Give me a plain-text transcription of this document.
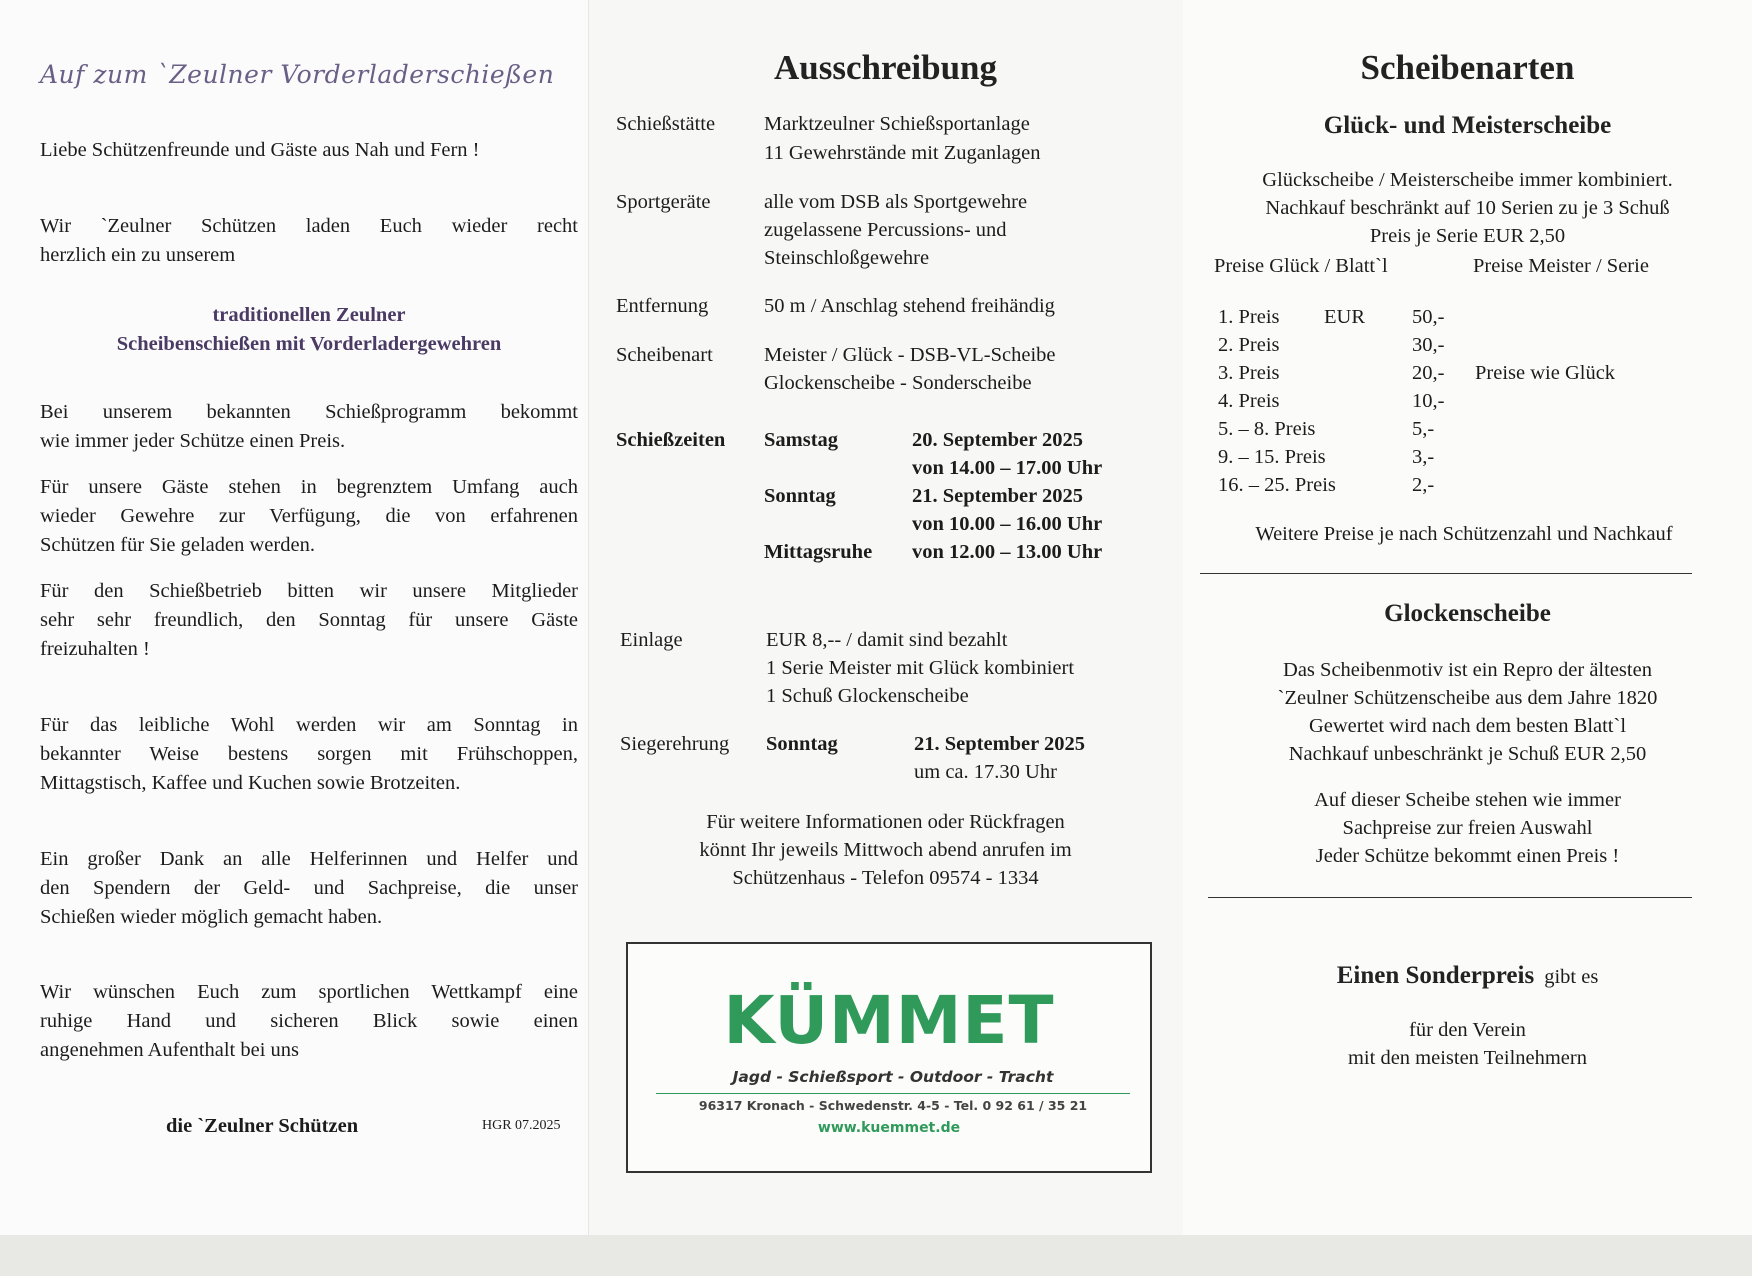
Auf zum `Zeulner Vorderladerschießen
Liebe Schützenfreunde und Gäste aus Nah und Fern !
Wir `Zeulner Schützen laden Euch wieder recht
herzlich ein zu unserem
traditionellen Zeulner
Scheibenschießen mit Vorderladergewehren
Bei unserem bekannten Schießprogramm bekommt
wie immer jeder Schütze einen Preis.
Für unsere Gäste stehen in begrenztem Umfang auch
wieder Gewehre zur Verfügung, die von erfahrenen
Schützen für Sie geladen werden.
Für den Schießbetrieb bitten wir unsere Mitglieder
sehr sehr freundlich, den Sonntag für unsere Gäste
freizuhalten !
Für das leibliche Wohl werden wir am Sonntag in
bekannter Weise bestens sorgen mit Frühschoppen,
Mittagstisch, Kaffee und Kuchen sowie Brotzeiten.
Ein großer Dank an alle Helferinnen und Helfer und
den Spendern der Geld- und Sachpreise, die unser
Schießen wieder möglich gemacht haben.
Wir wünschen Euch zum sportlichen Wettkampf eine
ruhige Hand und sicheren Blick sowie einen
angenehmen Aufenthalt bei uns
die `Zeulner Schützen	HGR 07.2025
Ausschreibung
Schießstätte Marktzeulner Schießsportanlage
11 Gewehrstände mit Zuganlagen
Sportgeräte	alle vom DSB als Sportgewehre
zugelassene Percussions- und
Steinschloßgewehre
Entfernung	50 m / Anschlag stehend freihändig
Scheibenart Meister / Glück - DSB-VL-Scheibe
Glockenscheibe - Sonderscheibe
Schießzeiten Samstag	20. September 2025
von 14.00 – 17.00 Uhr
Sonntag	21. September 2025
von 10.00 – 16.00 Uhr
Mittagsruhe von 12.00 – 13.00 Uhr
Einlage	EUR 8,-- / damit sind bezahlt
1 Serie Meister mit Glück kombiniert
1 Schuß Glockenscheibe
Siegerehrung Sonntag	21. September 2025
um ca. 17.30 Uhr
Für weitere Informationen oder Rückfragen
könnt Ihr jeweils Mittwoch abend anrufen im
Schützenhaus - Telefon 09574 - 1334
KÜMMET
Jagd - Schießsport - Outdoor - Tracht
96317 Kronach - Schwedenstr. 4-5 - Tel. 0 92 61 / 35 21
www.kuemmet.de
Scheibenarten
Glück- und Meisterscheibe
Glückscheibe / Meisterscheibe immer kombiniert.
Nachkauf beschränkt auf 10 Serien zu je 3 Schuß
Preis je Serie EUR 2,50
Preise Glück / Blatt`l	Preise Meister / Serie
1. Preis EUR 50,-
2. Preis	30,-
3. Preis	20,- Preise wie Glück
4. Preis	10,-
5. – 8. Preis	5,-
9. – 15. Preis	3,-
16. – 25. Preis	2,-
Weitere Preise je nach Schützenzahl und Nachkauf
Glockenscheibe
Das Scheibenmotiv ist ein Repro der ältesten
`Zeulner Schützenscheibe aus dem Jahre 1820
Gewertet wird nach dem besten Blatt`l
Nachkauf unbeschränkt je Schuß EUR 2,50
Auf dieser Scheibe stehen wie immer
Sachpreise zur freien Auswahl
Jeder Schütze bekommt einen Preis !
Einen Sonderpreis gibt es
für den Verein
mit den meisten Teilnehmern
